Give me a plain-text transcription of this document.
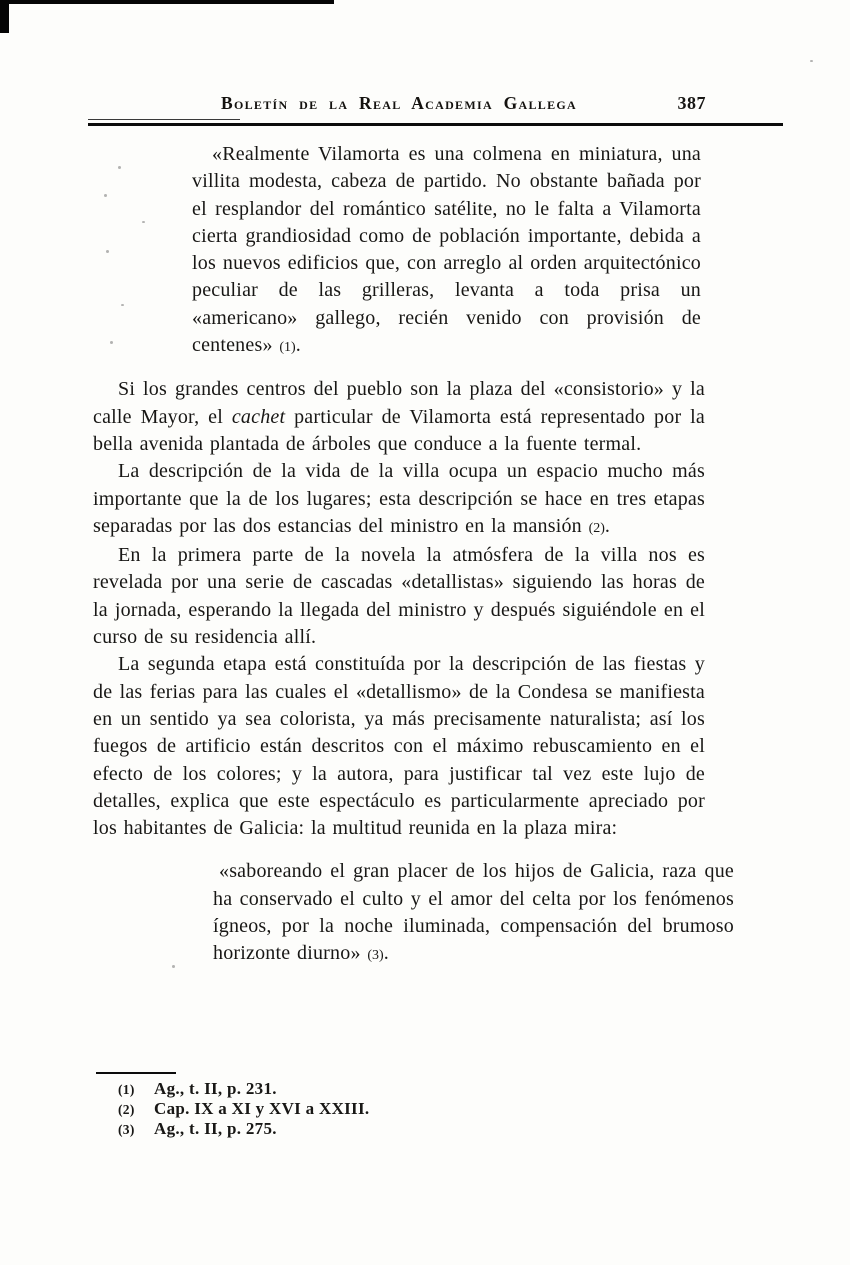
Boletín de la Real Academia Gallega	387

«Realmente Vilamorta es una colmena en miniatura, una villita modesta, cabeza de partido. No obstante bañada por el resplandor del romántico satélite, no le falta a Vilamorta cierta grandiosidad como de población importante, debida a los nuevos edificios que, con arreglo al orden arquitectónico peculiar de las grilleras, levanta a toda prisa un «americano» gallego, recién venido con provisión de centenes» (1).

Si los grandes centros del pueblo son la plaza del «consistorio» y la calle Mayor, el cachet particular de Vilamorta está representado por la bella avenida plantada de árboles que conduce a la fuente termal.

La descripción de la vida de la villa ocupa un espacio mucho más importante que la de los lugares; esta descripción se hace en tres etapas separadas por las dos estancias del ministro en la mansión (2).

En la primera parte de la novela la atmósfera de la villa nos es revelada por una serie de cascadas «detallistas» siguiendo las horas de la jornada, esperando la llegada del ministro y después siguiéndole en el curso de su residencia allí.

La segunda etapa está constituída por la descripción de las fiestas y de las ferias para las cuales el «detallismo» de la Condesa se manifiesta en un sentido ya sea colorista, ya más precisamente naturalista; así los fuegos de artificio están descritos con el máximo rebuscamiento en el efecto de los colores; y la autora, para justificar tal vez este lujo de detalles, explica que este espectáculo es particularmente apreciado por los habitantes de Galicia: la multitud reunida en la plaza mira:

«saboreando el gran placer de los hijos de Galicia, raza que ha conservado el culto y el amor del celta por los fenómenos ígneos, por la noche iluminada, compensación del brumoso horizonte diurno» (3).

(1) Ag., t. II, p. 231.
(2) Cap. IX a XI y XVI a XXIII.
(3) Ag., t. II, p. 275.
